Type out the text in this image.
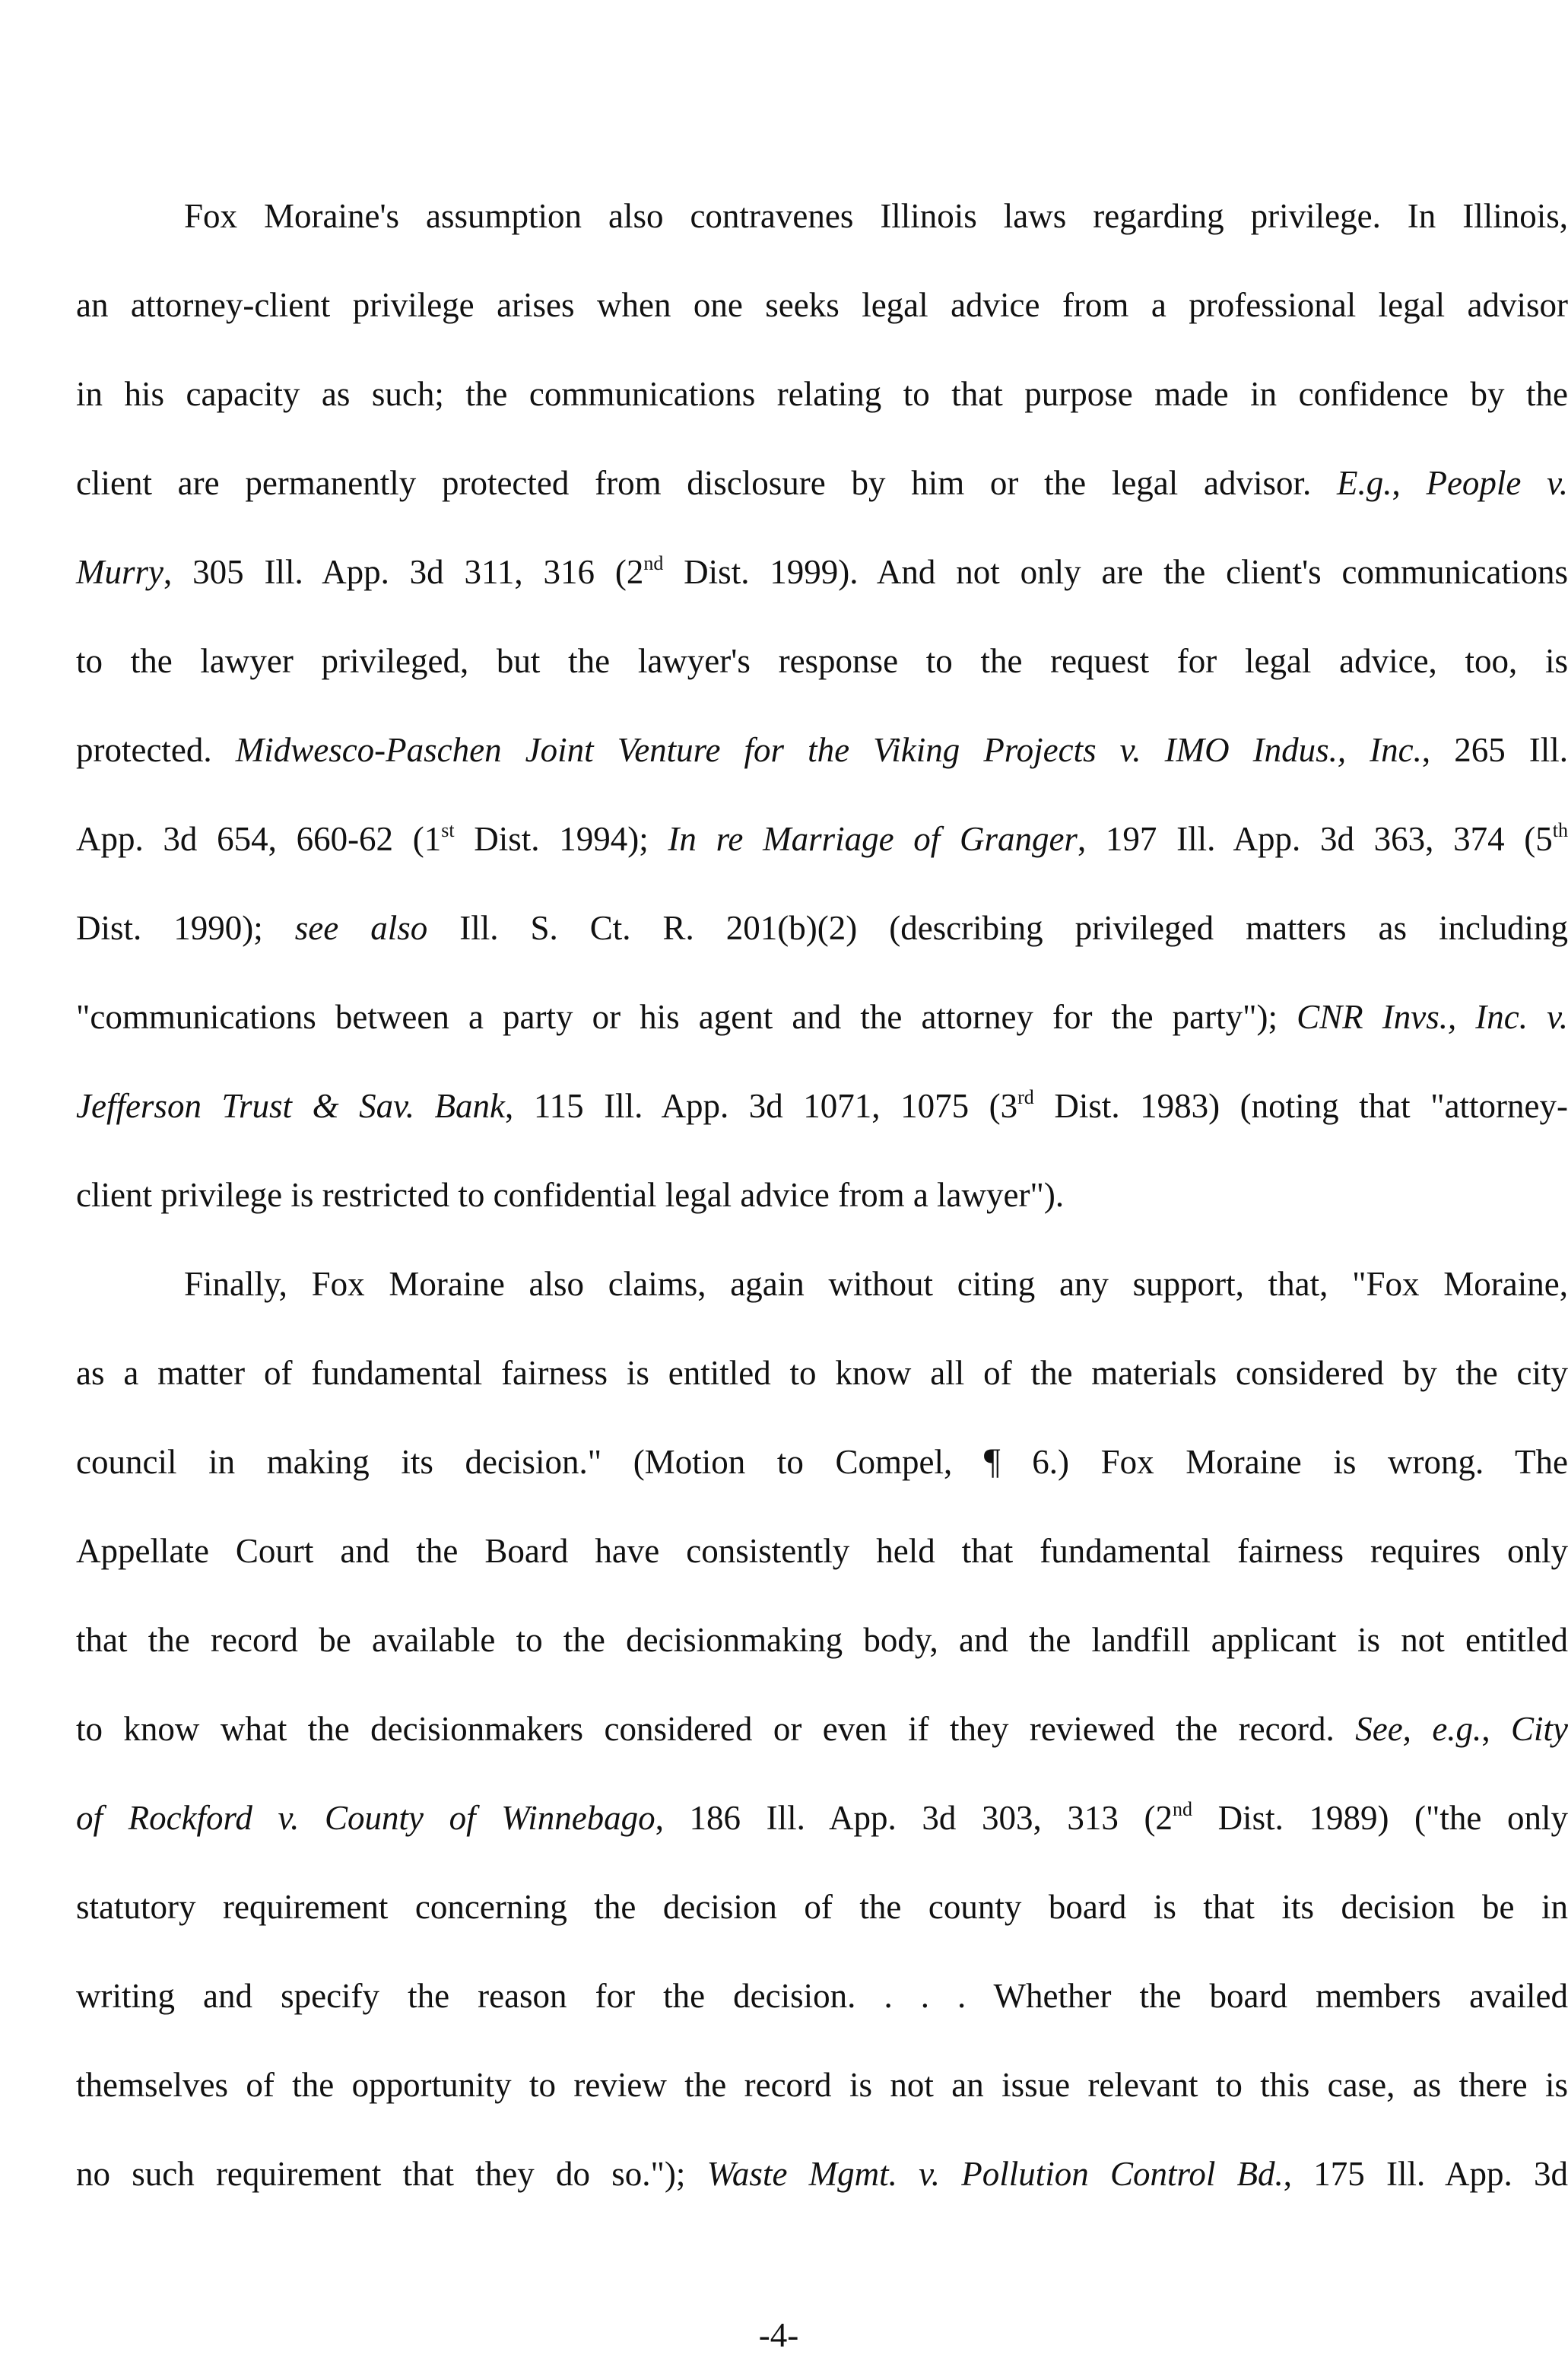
Fox Moraine's assumption also contravenes Illinois laws regarding privilege. In Illinois,
an attorney-client privilege arises when one seeks legal advice from a professional legal advisor
in his capacity as such; the communications relating to that purpose made in confidence by the
client are permanently protected from disclosure by him or the legal advisor. E.g., People v.
Murry, 305 Ill. App. 3d 311, 316 (2nd Dist. 1999). And not only are the client's communications
to the lawyer privileged, but the lawyer's response to the request for legal advice, too, is
protected. Midwesco-Paschen Joint Venture for the Viking Projects v. IMO Indus., Inc., 265 Ill.
App. 3d 654, 660-62 (1st Dist. 1994); In re Marriage of Granger, 197 Ill. App. 3d 363, 374 (5th
Dist. 1990); see also Ill. S. Ct. R. 201(b)(2) (describing privileged matters as including
"communications between a party or his agent and the attorney for the party"); CNR Invs., Inc. v.
Jefferson Trust & Sav. Bank, 115 Ill. App. 3d 1071, 1075 (3rd Dist. 1983) (noting that "attorney-
client privilege is restricted to confidential legal advice from a lawyer").
Finally, Fox Moraine also claims, again without citing any support, that, "Fox Moraine,
as a matter of fundamental fairness is entitled to know all of the materials considered by the city
council in making its decision." (Motion to Compel, ¶ 6.) Fox Moraine is wrong. The
Appellate Court and the Board have consistently held that fundamental fairness requires only
that the record be available to the decisionmaking body, and the landfill applicant is not entitled
to know what the decisionmakers considered or even if they reviewed the record. See, e.g., City
of Rockford v. County of Winnebago, 186 Ill. App. 3d 303, 313 (2nd Dist. 1989) ("the only
statutory requirement concerning the decision of the county board is that its decision be in
writing and specify the reason for the decision. . . . Whether the board members availed
themselves of the opportunity to review the record is not an issue relevant to this case, as there is
no such requirement that they do so."); Waste Mgmt. v. Pollution Control Bd., 175 Ill. App. 3d
-4-
